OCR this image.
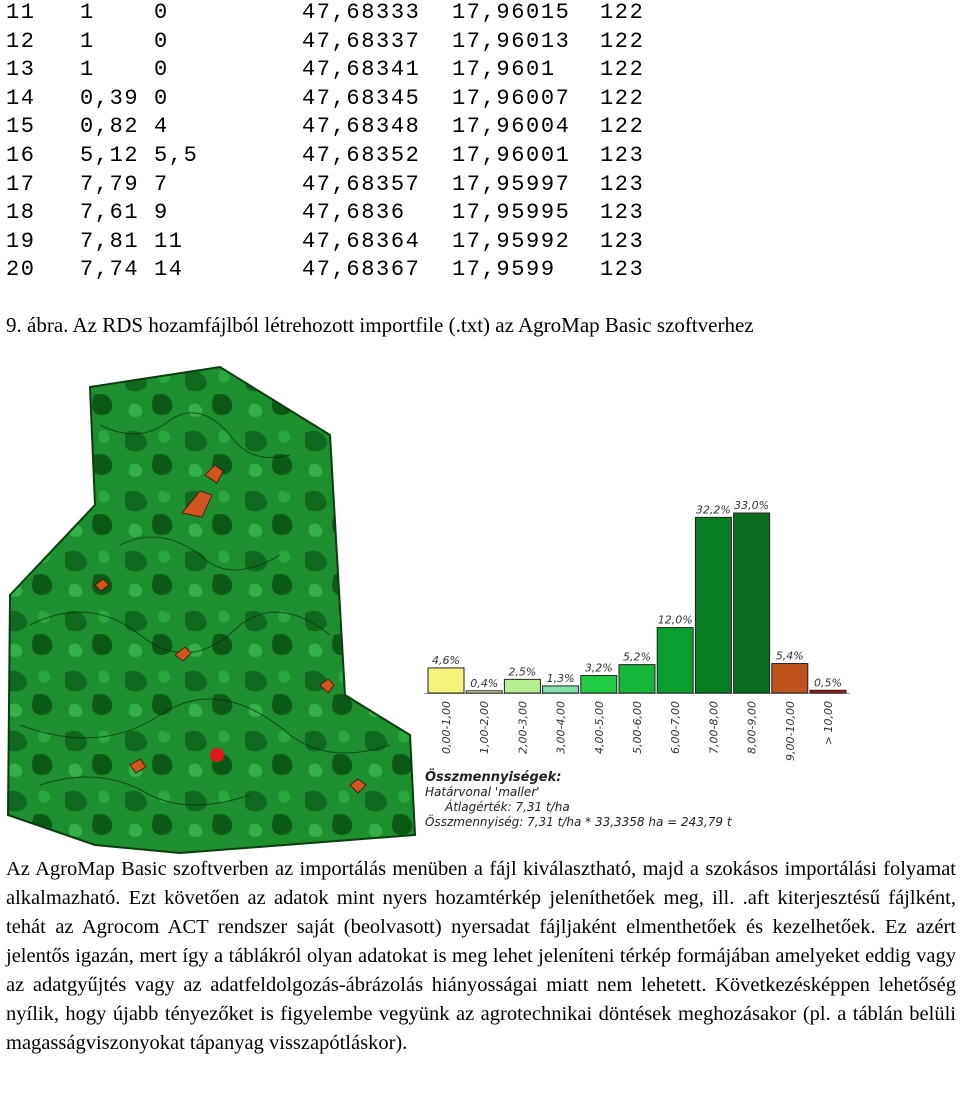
11 1	0	47,68333 17,96015 122
12 1	0	47,68337 17,96013 122
13 1	0	47,68341 17,9601 122
14 0,39 0	47,68345 17,96007 122
15 0,82 4	47,68348 17,96004 122
16 5,12 5,5	47,68352 17,96001 123
17 7,79 7	47,68357 17,95997 123
18 7,61 9	47,6836 17,95995 123
19 7,81 11	47,68364 17,95992 123
20 7,74 14	47,68367 17,9599 123
9. ábra. Az RDS hozamfájlból létrehozott importfile (.txt) az AgroMap Basic szoftverhez
4,6%
0,00-1,00
0,4%
1,00-2,00
2,5%
2,00-3,00
1,3%
3,00-4,00
3,2%
4,00-5,00
5,2%
5,00-6,00
12,0%
6,00-7,00
32,2%
7,00-8,00
33,0%
8,00-9,00
5,4%
9,00-10,00
0,5%
> 10,00
Összmennyiségek:
Határvonal 'maller'
Átlagérték: 7,31 t/ha
Összmennyiség: 7,31 t/ha * 33,3358 ha = 243,79 t
Az AgroMap Basic szoftverben az importálás menüben a fájl kiválasztható, majd a szokásos importálási folyamat alkalmazható. Ezt követően az adatok mint nyers hozamtérkép jeleníthetőek meg, ill. .aft kiterjesztésű fájlként, tehát az Agrocom ACT rendszer saját (beolvasott) nyersadat fájljaként elmenthetőek és kezelhetőek. Ez azért jelentős igazán, mert így a táblákról olyan adatokat is meg lehet jeleníteni térkép formájában amelyeket eddig vagy az adatgyűjtés vagy az adatfeldolgozás-ábrázolás hiányosságai miatt nem lehetett. Következésképpen lehetőség nyílik, hogy újabb tényezőket is figyelembe vegyünk az agrotechnikai döntések meghozásakor (pl. a táblán belüli magasságviszonyokat tápanyag visszapótláskor).
